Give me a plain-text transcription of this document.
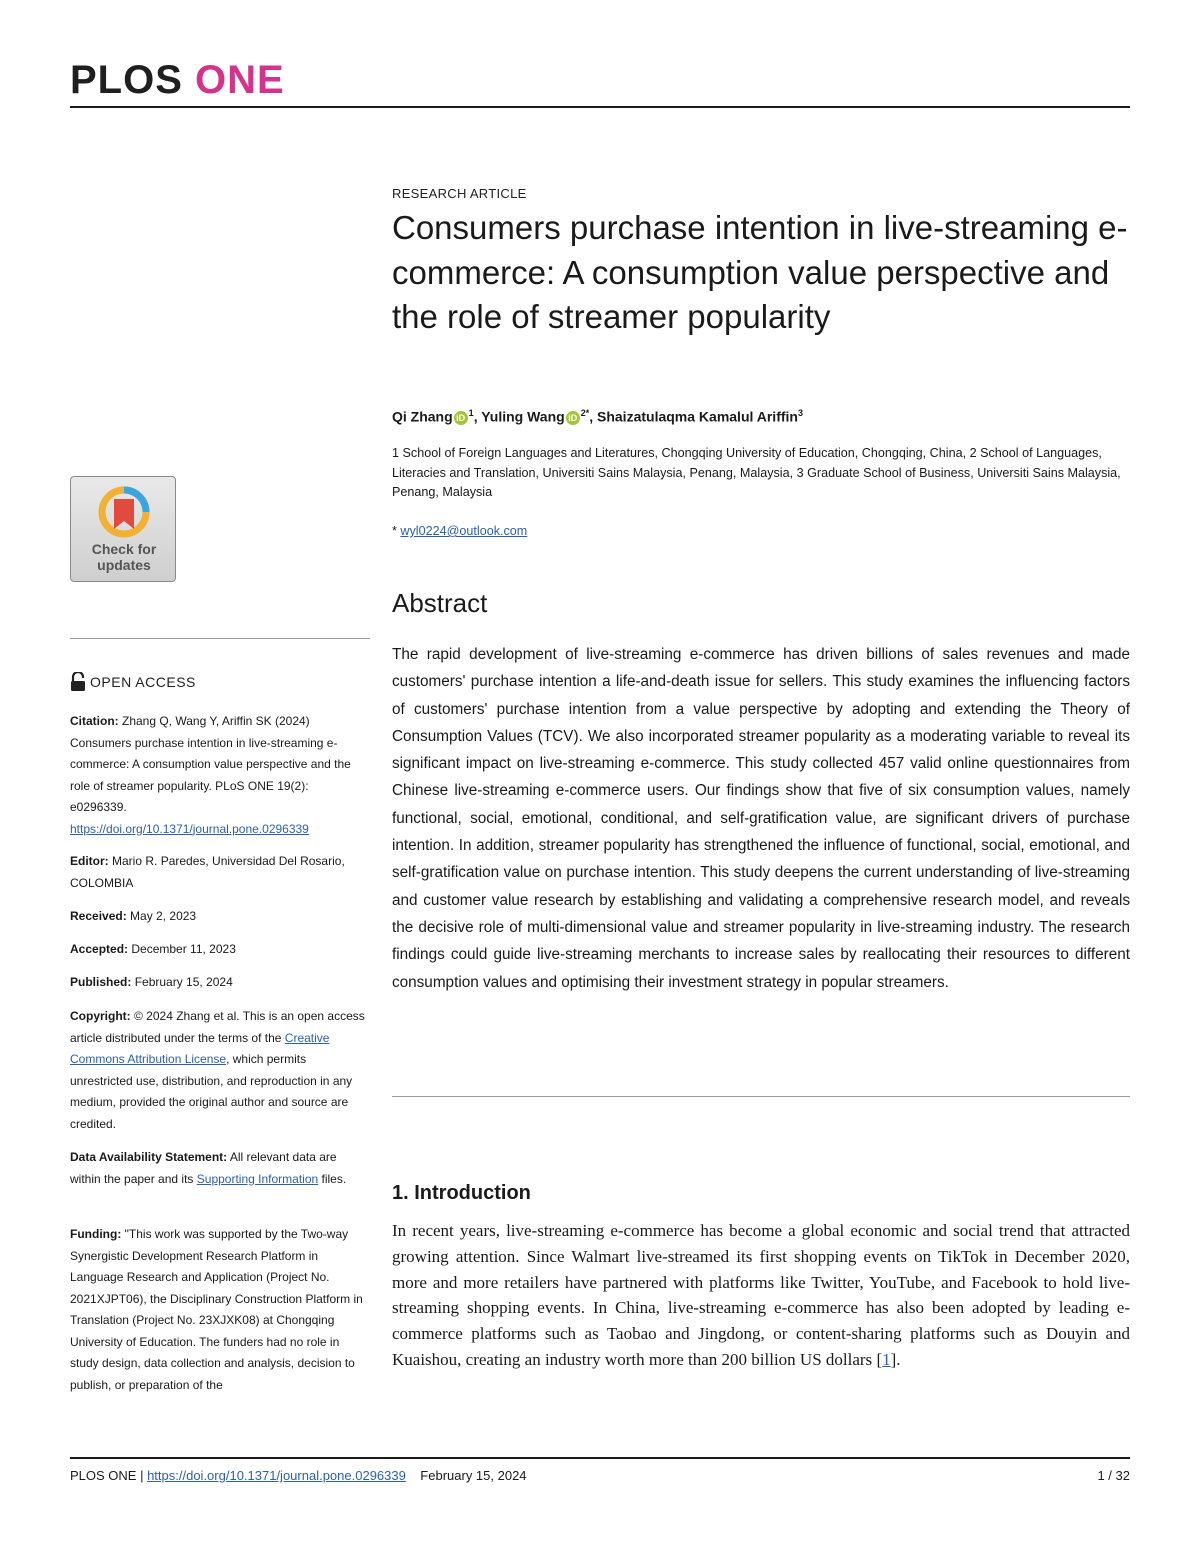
PLOS ONE
Check for
updates
OPEN ACCESS
Citation: Zhang Q, Wang Y, Ariffin SK (2024) Consumers purchase intention in live-streaming e-commerce: A consumption value perspective and the role of streamer popularity. PLoS ONE 19(2): e0296339. https://doi.org/10.1371/journal.pone.0296339
Editor: Mario R. Paredes, Universidad Del Rosario, COLOMBIA
Received: May 2, 2023
Accepted: December 11, 2023
Published: February 15, 2024
Copyright: © 2024 Zhang et al. This is an open access article distributed under the terms of the Creative Commons Attribution License, which permits unrestricted use, distribution, and reproduction in any medium, provided the original author and source are credited.
Data Availability Statement: All relevant data are within the paper and its Supporting Information files.
Funding: "This work was supported by the Two-way Synergistic Development Research Platform in Language Research and Application (Project No. 2021XJPT06), the Disciplinary Construction Platform in Translation (Project No. 23XJXK08) at Chongqing University of Education. The funders had no role in study design, data collection and analysis, decision to publish, or preparation of the
RESEARCH ARTICLE
Consumers purchase intention in live-streaming e-commerce: A consumption value perspective and the role of streamer popularity
Qi Zhang iD $^1$, Yuling Wang iD $^{2*}$, Shaizatulaqma Kamalul Ariffin$^3$
1 School of Foreign Languages and Literatures, Chongqing University of Education, Chongqing, China, 2 School of Languages, Literacies and Translation, Universiti Sains Malaysia, Penang, Malaysia, 3 Graduate School of Business, Universiti Sains Malaysia, Penang, Malaysia
* wyl0224@outlook.com
Abstract
The rapid development of live-streaming e-commerce has driven billions of sales revenues and made customers' purchase intention a life-and-death issue for sellers. This study examines the influencing factors of customers' purchase intention from a value perspective by adopting and extending the Theory of Consumption Values (TCV). We also incorporated streamer popularity as a moderating variable to reveal its significant impact on live-streaming e-commerce. This study collected 457 valid online questionnaires from Chinese live-streaming e-commerce users. Our findings show that five of six consumption values, namely functional, social, emotional, conditional, and self-gratification value, are significant drivers of purchase intention. In addition, streamer popularity has strengthened the influence of functional, social, emotional, and self-gratification value on purchase intention. This study deepens the current understanding of live-streaming and customer value research by establishing and validating a comprehensive research model, and reveals the decisive role of multi-dimensional value and streamer popularity in live-streaming industry. The research findings could guide live-streaming merchants to increase sales by reallocating their resources to different consumption values and optimising their investment strategy in popular streamers.
1. Introduction
In recent years, live-streaming e-commerce has become a global economic and social trend that attracted growing attention. Since Walmart live-streamed its first shopping events on TikTok in December 2020, more and more retailers have partnered with platforms like Twitter, YouTube, and Facebook to hold live-streaming shopping events. In China, live-streaming e-commerce has also been adopted by leading e-commerce platforms such as Taobao and Jingdong, or content-sharing platforms such as Douyin and Kuaishou, creating an industry worth more than 200 billion US dollars [1].
PLOS ONE | https://doi.org/10.1371/journal.pone.0296339 February 15, 2024	1 / 32
